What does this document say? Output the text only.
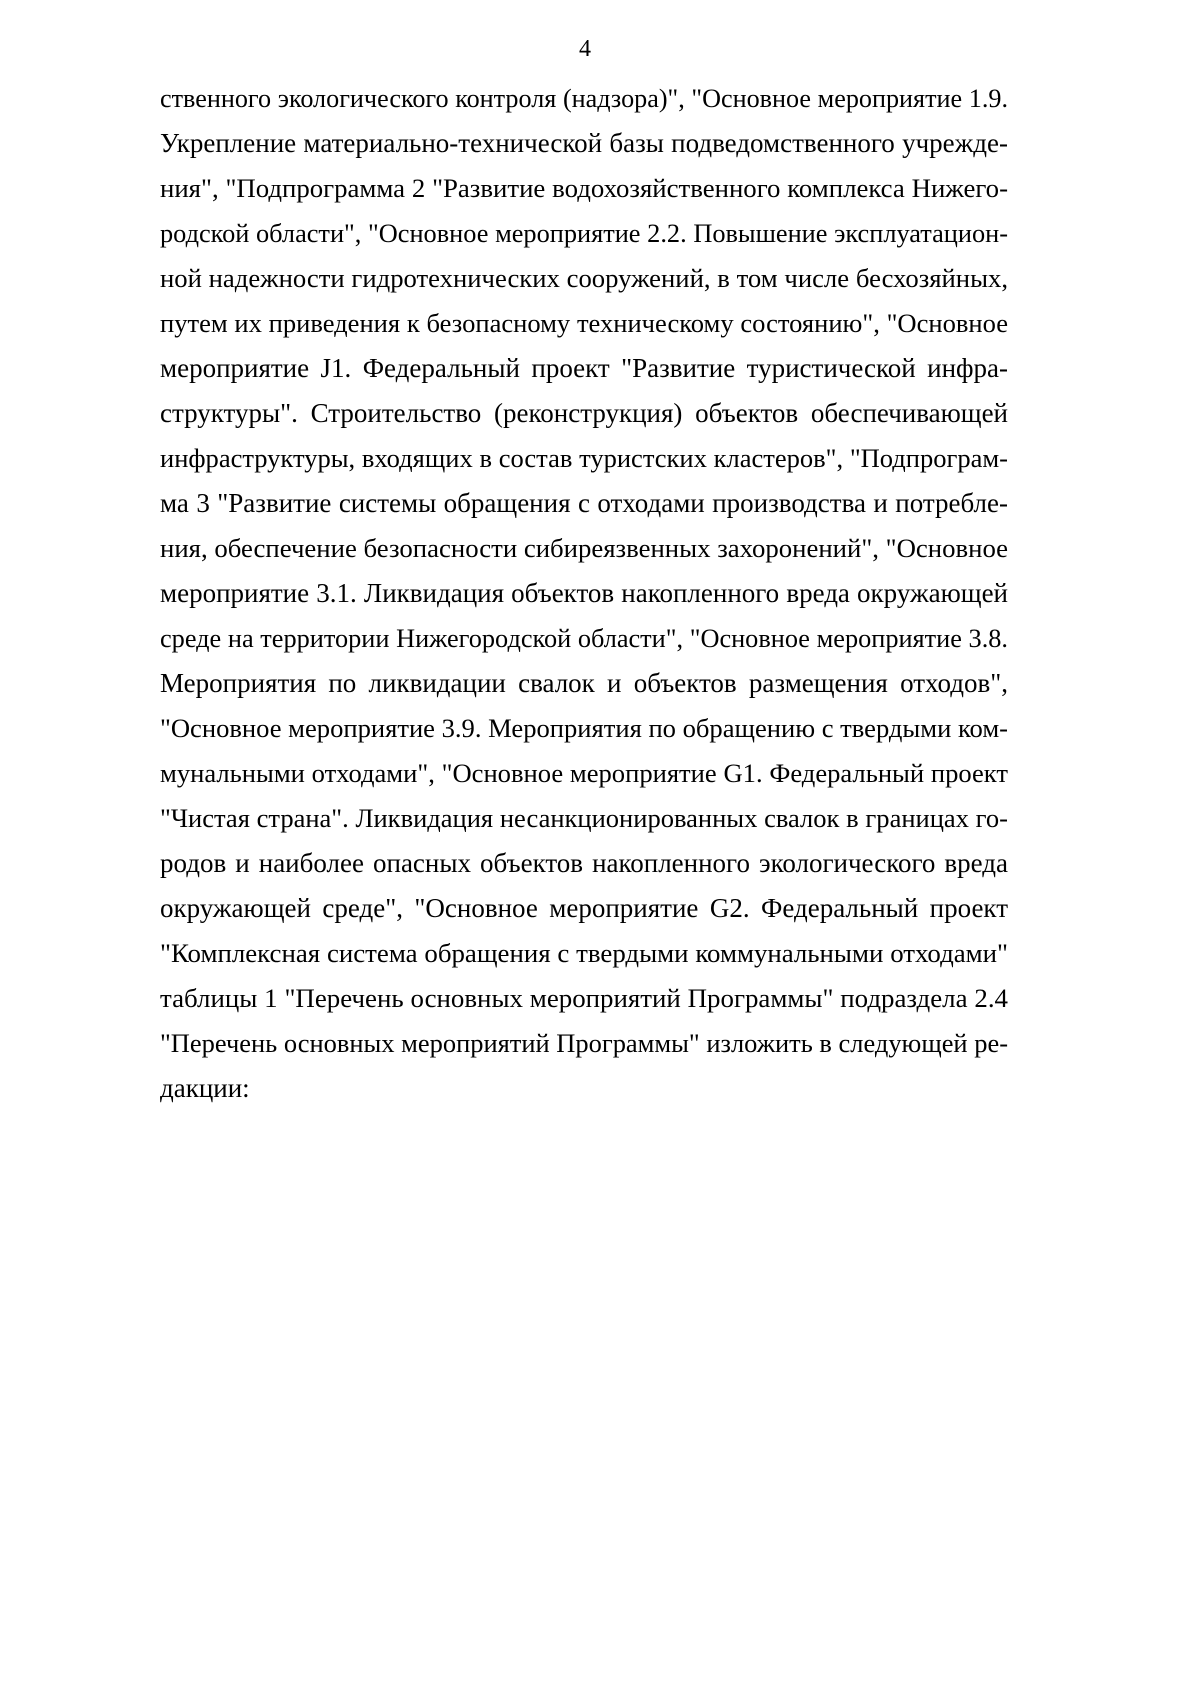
4
ственного экологического контроля (надзора)", "Основное мероприятие 1.9.
Укрепление материально-технической базы подведомственного учрежде-
ния", "Подпрограмма 2 "Развитие водохозяйственного комплекса Нижего-
родской области", "Основное мероприятие 2.2. Повышение эксплуатацион-
ной надежности гидротехнических сооружений, в том числе бесхозяйных,
путем их приведения к безопасному техническому состоянию", "Основное
мероприятие J1. Федеральный проект "Развитие туристической инфра-
структуры". Строительство (реконструкция) объектов обеспечивающей
инфраструктуры, входящих в состав туристских кластеров", "Подпрограм-
ма 3 "Развитие системы обращения с отходами производства и потребле-
ния, обеспечение безопасности сибиреязвенных захоронений", "Основное
мероприятие 3.1. Ликвидация объектов накопленного вреда окружающей
среде на территории Нижегородской области", "Основное мероприятие 3.8.
Мероприятия по ликвидации свалок и объектов размещения отходов",
"Основное мероприятие 3.9. Мероприятия по обращению с твердыми ком-
мунальными отходами", "Основное мероприятие G1. Федеральный проект
"Чистая страна". Ликвидация несанкционированных свалок в границах го-
родов и наиболее опасных объектов накопленного экологического вреда
окружающей среде", "Основное мероприятие G2. Федеральный проект
"Комплексная система обращения с твердыми коммунальными отходами"
таблицы 1 "Перечень основных мероприятий Программы" подраздела 2.4
"Перечень основных мероприятий Программы" изложить в следующей ре-
дакции:
